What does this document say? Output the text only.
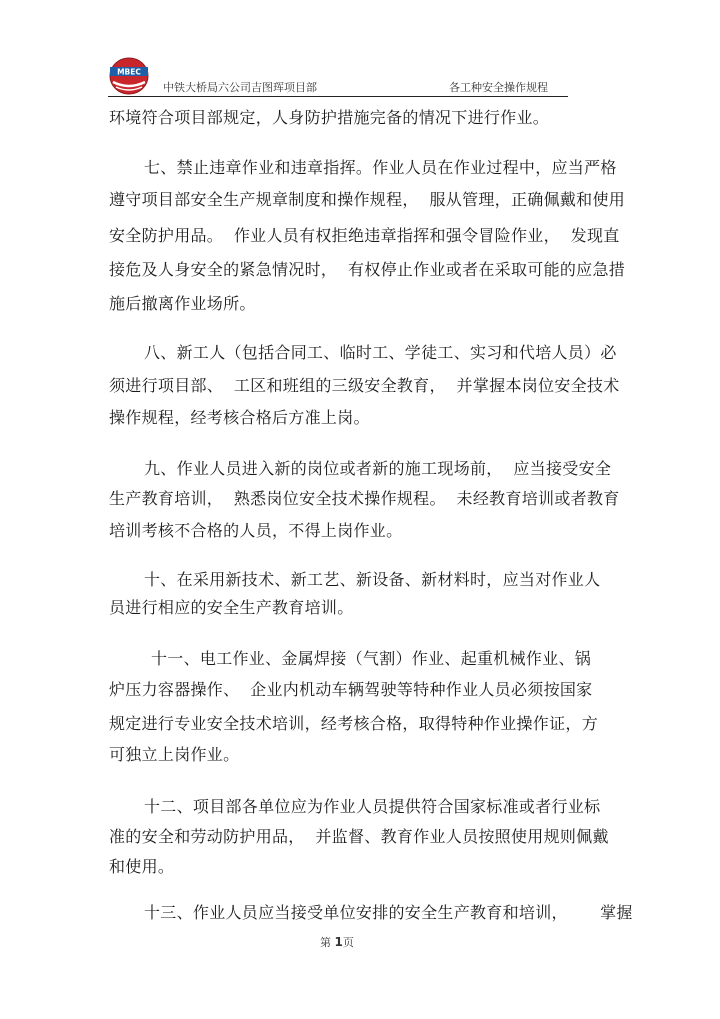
MBEC
中铁大桥局六公司吉图珲项目部	各工种安全操作规程
环境符合项目部规定，人身防护措施完备的情况下进行作业。
七、禁止违章作业和违章指挥。作业人员在作业过程中，应当严格
遵守项目部安全生产规章制度和操作规程，  服从管理，正确佩戴和使用
安全防护用品。  作业人员有权拒绝违章指挥和强令冒险作业，  发现直
接危及人身安全的紧急情况时，  有权停止作业或者在采取可能的应急措
施后撤离作业场所。
八、新工人（包括合同工、临时工、学徒工、实习和代培人员）必
须进行项目部、  工区和班组的三级安全教育，  并掌握本岗位安全技术
操作规程，经考核合格后方准上岗。
九、作业人员进入新的岗位或者新的施工现场前，  应当接受安全
生产教育培训，  熟悉岗位安全技术操作规程。  未经教育培训或者教育
培训考核不合格的人员，不得上岗作业。
十、在采用新技术、新工艺、新设备、新材料时，应当对作业人
员进行相应的安全生产教育培训。
十一、电工作业、金属焊接（气割）作业、起重机械作业、锅
炉压力容器操作、  企业内机动车辆驾驶等特种作业人员必须按国家
规定进行专业安全技术培训，经考核合格，取得特种作业操作证，方
可独立上岗作业。
十二、项目部各单位应为作业人员提供符合国家标准或者行业标
准的安全和劳动防护用品，  并监督、教育作业人员按照使用规则佩戴
和使用。
十三、作业人员应当接受单位安排的安全生产教育和培训，      掌握
第 1页
